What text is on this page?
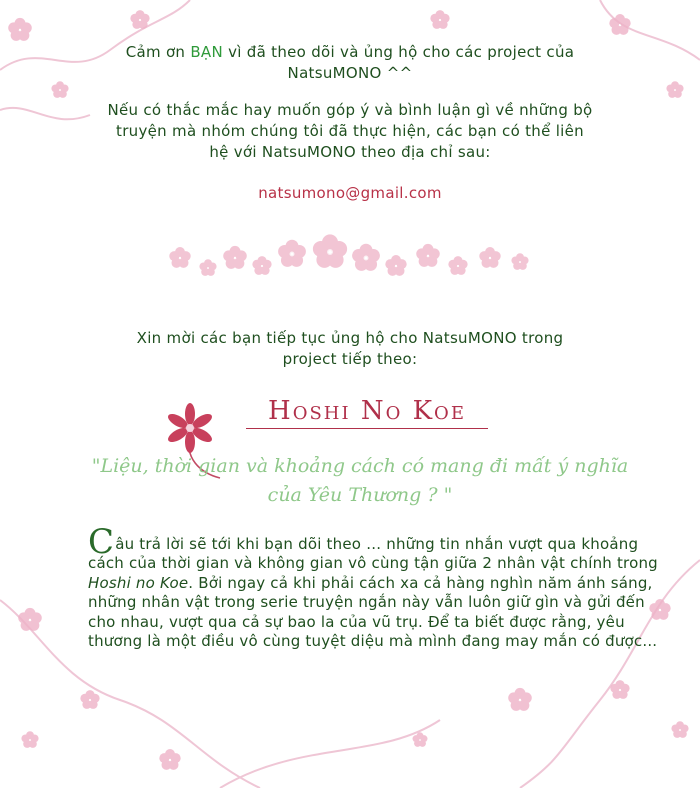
Cảm ơn BẠN vì đã theo dõi và ủng hộ cho các project của
NatsuMONO ^^
Nếu có thắc mắc hay muốn góp ý và bình luận gì về những bộ
truyện mà nhóm chúng tôi đã thực hiện, các bạn có thể liên
hệ với NatsuMONO theo địa chỉ sau:
natsumono@gmail.com
Xin mời các bạn tiếp tục ủng hộ cho NatsuMONO trong
project tiếp theo:
Hoshi No Koe
"Liệu, thời gian và khoảng cách có mang đi mất ý nghĩa
của Yêu Thương ? "
Câu trả lời sẽ tới khi bạn dõi theo … những tin nhắn vượt qua khoảng cách của thời gian và không gian vô cùng tận giữa 2 nhân vật chính trong Hoshi no Koe. Bởi ngay cả khi phải cách xa cả hàng nghìn năm ánh sáng, những nhân vật trong serie truyện ngắn này vẫn luôn giữ gìn và gửi đến cho nhau, vượt qua cả sự bao la của vũ trụ. Để ta biết được rằng, yêu thương là một điều vô cùng tuyệt diệu mà mình đang may mắn có được...
